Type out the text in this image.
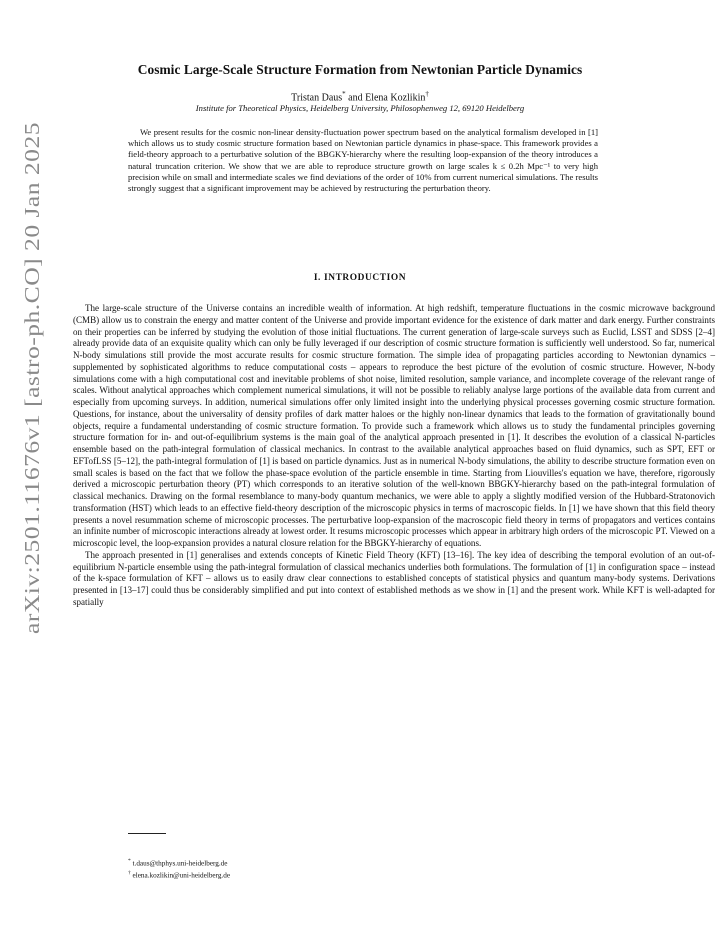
arXiv:2501.11676v1 [astro-ph.CO] 20 Jan 2025
Cosmic Large-Scale Structure Formation from Newtonian Particle Dynamics
Tristan Daus* and Elena Kozlikin†
Institute for Theoretical Physics, Heidelberg University, Philosophenweg 12, 69120 Heidelberg

We present results for the cosmic non-linear density-fluctuation power spectrum based on the analytical formalism developed in [1] which allows us to study cosmic structure formation based on Newtonian particle dynamics in phase-space. This framework provides a field-theory approach to a perturbative solution of the BBGKY-hierarchy where the resulting loop-expansion of the theory introduces a natural truncation criterion. We show that we are able to reproduce structure growth on large scales k ≤ 0.2h Mpc⁻¹ to very high precision while on small and intermediate scales we find deviations of the order of 10% from current numerical simulations. The results strongly suggest that a significant improvement may be achieved by restructuring the perturbation theory.

I. INTRODUCTION

The large-scale structure of the Universe contains an incredible wealth of information. At high redshift, temperature fluctuations in the cosmic microwave background (CMB) allow us to constrain the energy and matter content of the Universe and provide important evidence for the existence of dark matter and dark energy. Further constraints on their properties can be inferred by studying the evolution of those initial fluctuations. The current generation of large-scale surveys such as Euclid, LSST and SDSS [2–4] already provide data of an exquisite quality which can only be fully leveraged if our description of cosmic structure formation is sufficiently well understood. So far, numerical N-body simulations still provide the most accurate results for cosmic structure formation. The simple idea of propagating particles according to Newtonian dynamics – supplemented by sophisticated algorithms to reduce computational costs – appears to reproduce the best picture of the evolution of cosmic structure. However, N-body simulations come with a high computational cost and inevitable problems of shot noise, limited resolution, sample variance, and incomplete coverage of the relevant range of scales. Without analytical approaches which complement numerical simulations, it will not be possible to reliably analyse large portions of the available data from current and especially from upcoming surveys. In addition, numerical simulations offer only limited insight into the underlying physical processes governing cosmic structure formation. Questions, for instance, about the universality of density profiles of dark matter haloes or the highly non-linear dynamics that leads to the formation of gravitationally bound objects, require a fundamental understanding of cosmic structure formation. To provide such a framework which allows us to study the fundamental principles governing structure formation for in- and out-of-equilibrium systems is the main goal of the analytical approach presented in [1]. It describes the evolution of a classical N-particles ensemble based on the path-integral formulation of classical mechanics. In contrast to the available analytical approaches based on fluid dynamics, such as SPT, EFT or EFTofLSS [5–12], the path-integral formulation of [1] is based on particle dynamics. Just as in numerical N-body simulations, the ability to describe structure formation even on small scales is based on the fact that we follow the phase-space evolution of the particle ensemble in time. Starting from Liouvilles's equation we have, therefore, rigorously derived a microscopic perturbation theory (PT) which corresponds to an iterative solution of the well-known BBGKY-hierarchy based on the path-integral formulation of classical mechanics. Drawing on the formal resemblance to many-body quantum mechanics, we were able to apply a slightly modified version of the Hubbard-Stratonovich transformation (HST) which leads to an effective field-theory description of the microscopic physics in terms of macroscopic fields. In [1] we have shown that this field theory presents a novel resummation scheme of microscopic processes. The perturbative loop-expansion of the macroscopic field theory in terms of propagators and vertices contains an infinite number of microscopic interactions already at lowest order. It resums microscopic processes which appear in arbitrary high orders of the microscopic PT. Viewed on a microscopic level, the loop-expansion provides a natural closure relation for the BBGKY-hierarchy of equations.

The approach presented in [1] generalises and extends concepts of Kinetic Field Theory (KFT) [13–16]. The key idea of describing the temporal evolution of an out-of-equilibrium N-particle ensemble using the path-integral formulation of classical mechanics underlies both formulations. The formulation of [1] in configuration space – instead of the k-space formulation of KFT – allows us to easily draw clear connections to established concepts of statistical physics and quantum many-body systems. Derivations presented in [13–17] could thus be considerably simplified and put into context of established methods as we show in [1] and the present work. While KFT is well-adapted for spatially

* t.daus@thphys.uni-heidelberg.de
† elena.kozlikin@uni-heidelberg.de
